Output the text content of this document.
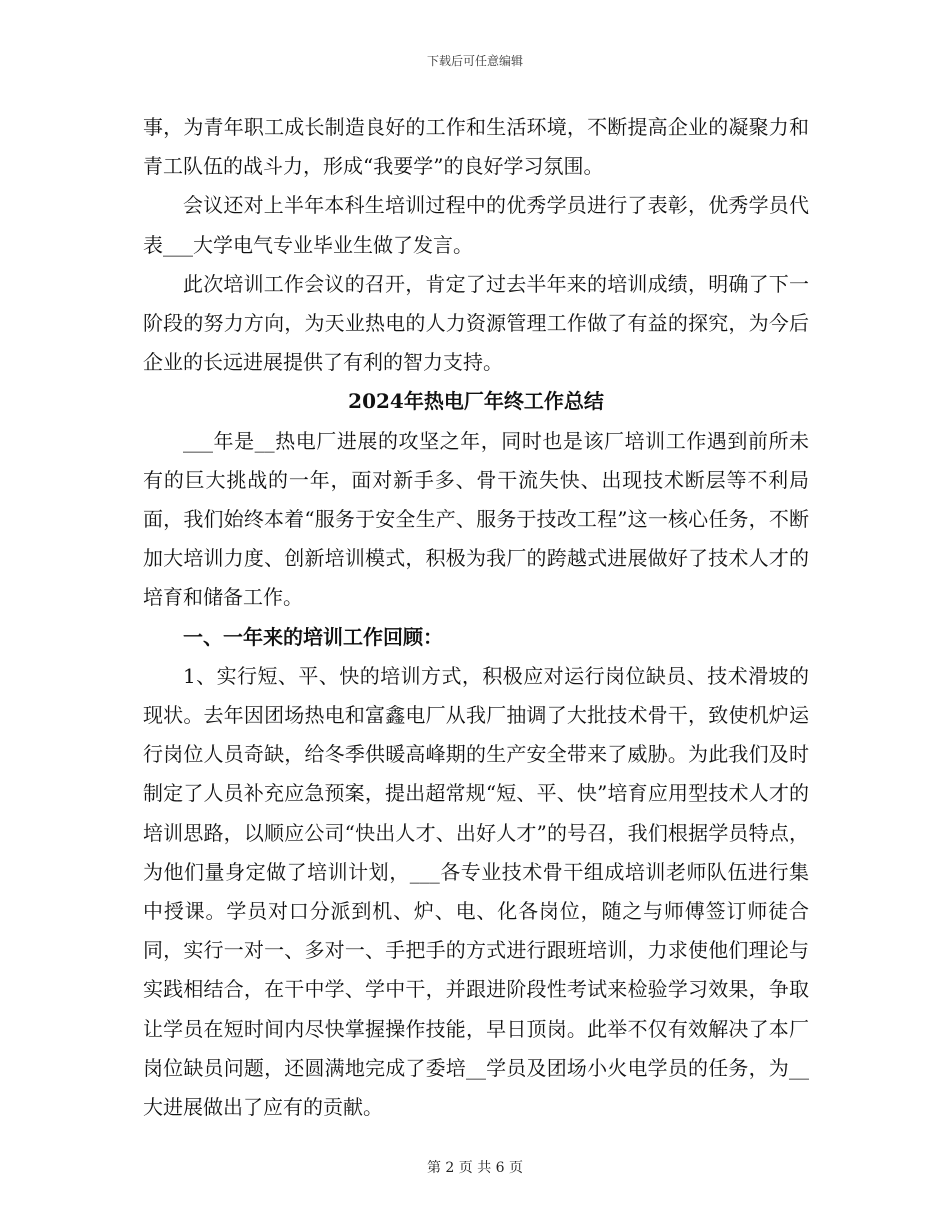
下载后可任意编辑

事，为青年职工成长制造良好的工作和生活环境，不断提高企业的凝聚力和青工队伍的战斗力，形成“我要学”的良好学习氛围。

会议还对上半年本科生培训过程中的优秀学员进行了表彰，优秀学员代表___大学电气专业毕业生做了发言。

此次培训工作会议的召开，肯定了过去半年来的培训成绩，明确了下一阶段的努力方向，为天业热电的人力资源管理工作做了有益的探究，为今后企业的长远进展提供了有利的智力支持。

2024年热电厂年终工作总结

___年是__热电厂进展的攻坚之年，同时也是该厂培训工作遇到前所未有的巨大挑战的一年，面对新手多、骨干流失快、出现技术断层等不利局面，我们始终本着“服务于安全生产、服务于技改工程”这一核心任务，不断加大培训力度、创新培训模式，积极为我厂的跨越式进展做好了技术人才的培育和储备工作。

一、一年来的培训工作回顾：

1、实行短、平、快的培训方式，积极应对运行岗位缺员、技术滑坡的现状。去年因团场热电和富鑫电厂从我厂抽调了大批技术骨干，致使机炉运行岗位人员奇缺，给冬季供暖高峰期的生产安全带来了威胁。为此我们及时制定了人员补充应急预案，提出超常规“短、平、快”培育应用型技术人才的培训思路，以顺应公司“快出人才、出好人才”的号召，我们根据学员特点，为他们量身定做了培训计划，___各专业技术骨干组成培训老师队伍进行集中授课。学员对口分派到机、炉、电、化各岗位，随之与师傅签订师徒合同，实行一对一、多对一、手把手的方式进行跟班培训，力求使他们理论与实践相结合，在干中学、学中干，并跟进阶段性考试来检验学习效果，争取让学员在短时间内尽快掌握操作技能，早日顶岗。此举不仅有效解决了本厂岗位缺员问题，还圆满地完成了委培__学员及团场小火电学员的任务，为__大进展做出了应有的贡献。

第 2 页 共 6 页
